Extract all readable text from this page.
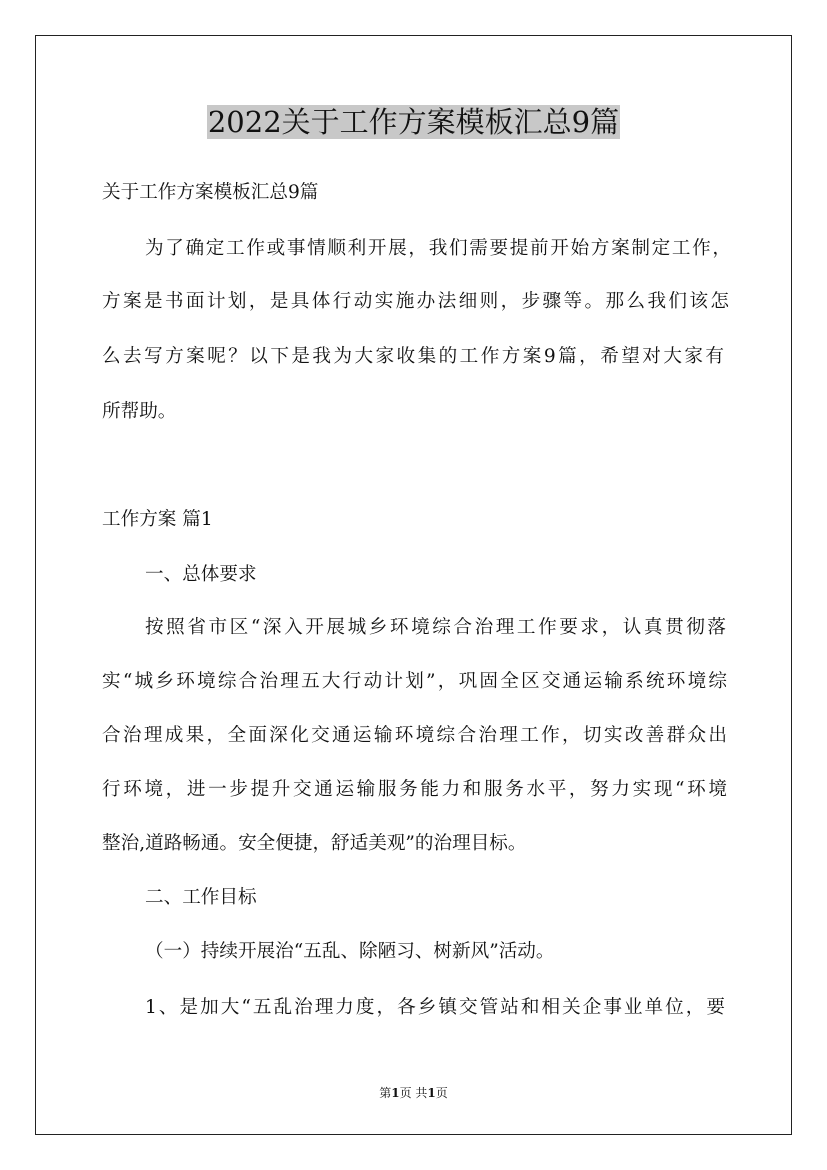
2022关于工作方案模板汇总9篇

关于工作方案模板汇总9篇

为了确定工作或事情顺利开展，我们需要提前开始方案制定工作，

方案是书面计划，是具体行动实施办法细则，步骤等。那么我们该怎

么去写方案呢？以下是我为大家收集的工作方案9篇，希望对大家有

所帮助。

工作方案 篇1

一、总体要求

按照省市区“深入开展城乡环境综合治理工作要求，认真贯彻落

实“城乡环境综合治理五大行动计划”，巩固全区交通运输系统环境综

合治理成果，全面深化交通运输环境综合治理工作，切实改善群众出

行环境，进一步提升交通运输服务能力和服务水平，努力实现“环境

整治,道路畅通。安全便捷，舒适美观”的治理目标。

二、工作目标

（一）持续开展治“五乱、除陋习、树新风”活动。

1、是加大“五乱治理力度，各乡镇交管站和相关企事业单位，要

第1页 共1页
